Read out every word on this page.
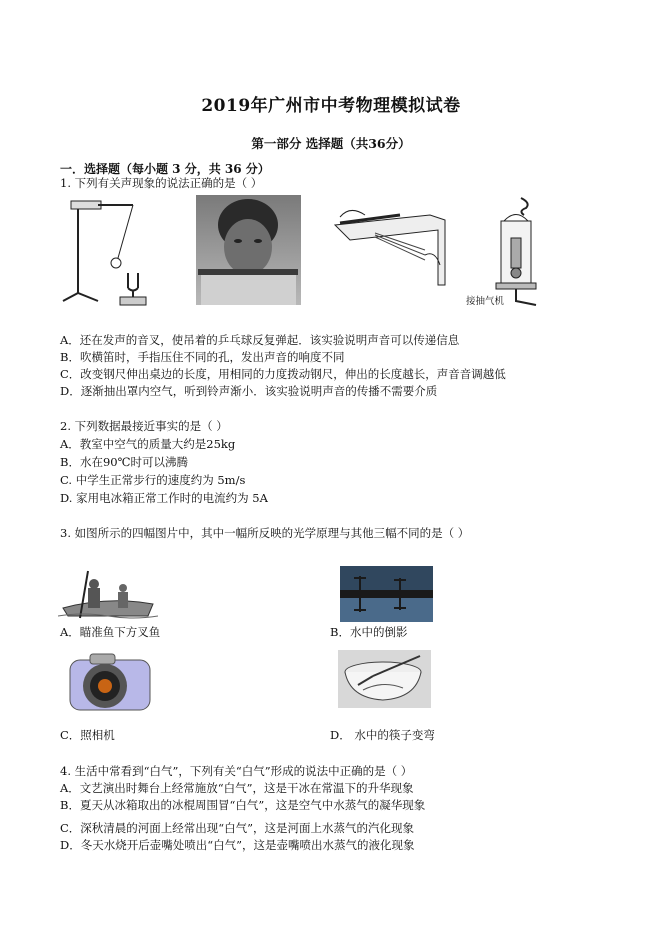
2019年广州市中考物理模拟试卷
第一部分 选择题（共36分）
一．选择题（每小题 3 分，共 36 分）
1. 下列有关声现象的说法正确的是（ ）
接抽气机
A．还在发声的音叉，使吊着的乒乓球反复弹起．该实验说明声音可以传递信息
B．吹横笛时，手指压住不同的孔，发出声音的响度不同
C．改变钢尺伸出桌边的长度，用相同的力度拨动钢尺，伸出的长度越长，声音音调越低
D．逐渐抽出罩内空气，听到铃声渐小．该实验说明声音的传播不需要介质
2. 下列数据最接近事实的是（ ）
A．教室中空气的质量大约是25kg
B．水在90℃时可以沸腾
C. 中学生正常步行的速度约为 5m/s
D. 家用电冰箱正常工作时的电流约为 5A
3. 如图所示的四幅图片中，其中一幅所反映的光学原理与其他三幅不同的是（ ）
A．瞄准鱼下方叉鱼	B．水中的倒影
C．照相机	D． 水中的筷子变弯
4. 生活中常看到“白气”，下列有关“白气”形成的说法中正确的是（ ）
A．文艺演出时舞台上经常施放“白气”，这是干冰在常温下的升华现象
B．夏天从冰箱取出的冰棍周围冒“白气”，这是空气中水蒸气的凝华现象
C．深秋清晨的河面上经常出现“白气”，这是河面上水蒸气的汽化现象
D．冬天水烧开后壶嘴处喷出“白气”，这是壶嘴喷出水蒸气的液化现象
